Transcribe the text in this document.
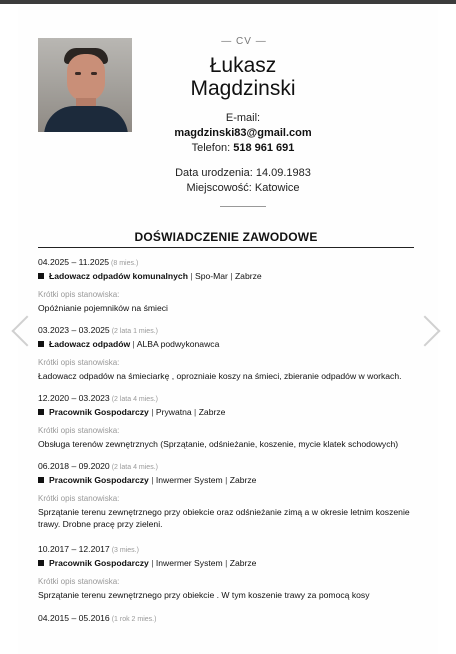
— CV —
Łukasz
Magdzinski
E-mail:
magdzinski83@gmail.com
Telefon: 518 961 691
Data urodzenia: 14.09.1983
Miejscowość: Katowice
DOŚWIADCZENIE ZAWODOWE
04.2025 – 11.2025 (8 mies.)
Ładowacz odpadów komunalnych | Spo-Mar | Zabrze
Krótki opis stanowiska:
Opóżnianie pojemników na śmieci
03.2023 – 03.2025 (2 lata 1 mies.)
Ładowacz odpadów | ALBA podwykonawca
Krótki opis stanowiska:
Ładowacz odpadów na śmieciarkę , oprozniaie koszy na śmieci, zbieranie odpadów w workach.
12.2020 – 03.2023 (2 lata 4 mies.)
Pracownik Gospodarczy | Prywatna | Zabrze
Krótki opis stanowiska:
Obsługa terenów zewnętrznych (Sprzątanie, odśnieżanie, koszenie, mycie klatek schodowych)
06.2018 – 09.2020 (2 lata 4 mies.)
Pracownik Gospodarczy | Inwermer System | Zabrze
Krótki opis stanowiska:
Sprzątanie terenu zewnętrznego przy obiekcie oraz odśnieżanie zimą a w okresie letnim koszenie trawy. Drobne pracę przy zieleni.
10.2017 – 12.2017 (3 mies.)
Pracownik Gospodarczy | Inwermer System | Zabrze
Krótki opis stanowiska:
Sprzątanie terenu zewnętrznego przy obiekcie . W tym koszenie trawy za pomocą kosy
04.2015 – 05.2016 (1 rok 2 mies.)
